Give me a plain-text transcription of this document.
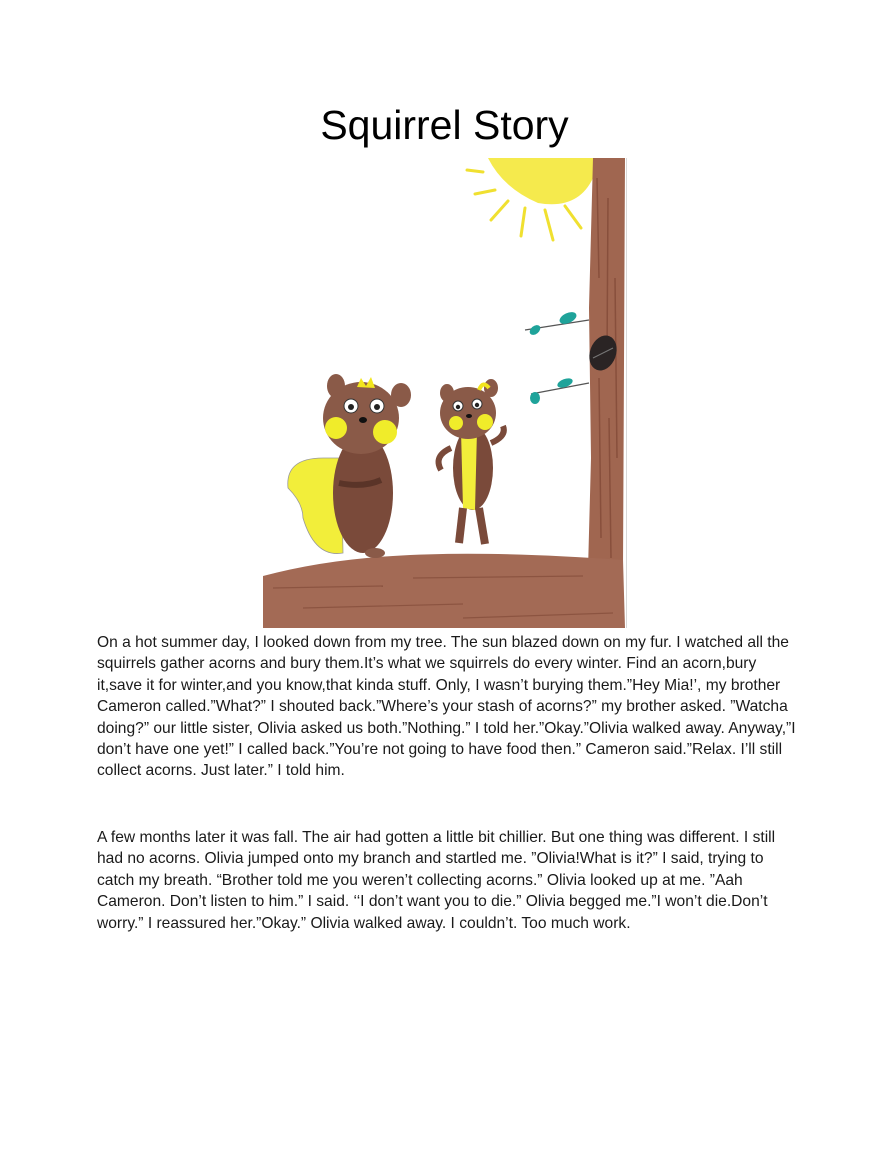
Squirrel Story

On a hot summer day, I looked down from my tree. The sun blazed down on my fur. I watched all the squirrels gather acorns and bury them.It’s what we squirrels do every winter. Find an acorn,bury it,save it for winter,and you know,that kinda stuff. Only, I wasn’t burying them.”Hey Mia!’, my brother Cameron called.”What?” I shouted back.”Where’s your stash of acorns?” my brother asked. ”Watcha doing?” our little sister, Olivia asked us both.”Nothing.” I told her.”Okay.”Olivia walked away. Anyway,”I don’t have one yet!” I called back.”You’re not going to have food then.” Cameron said.”Relax. I’ll still collect acorns. Just later.” I told him.

A few months later it was fall. The air had gotten a little bit chillier. But one thing was different. I still had no acorns. Olivia jumped onto my branch and startled me. ”Olivia!What is it?” I said, trying to catch my breath. “Brother told me you weren’t collecting acorns.” Olivia looked up at me. ”Aah Cameron. Don’t listen to him.” I said. ‘‘I don’t want you to die.” Olivia begged me.”I won’t die.Don’t worry.” I reassured her.”Okay.” Olivia walked away. I couldn’t. Too much work.
